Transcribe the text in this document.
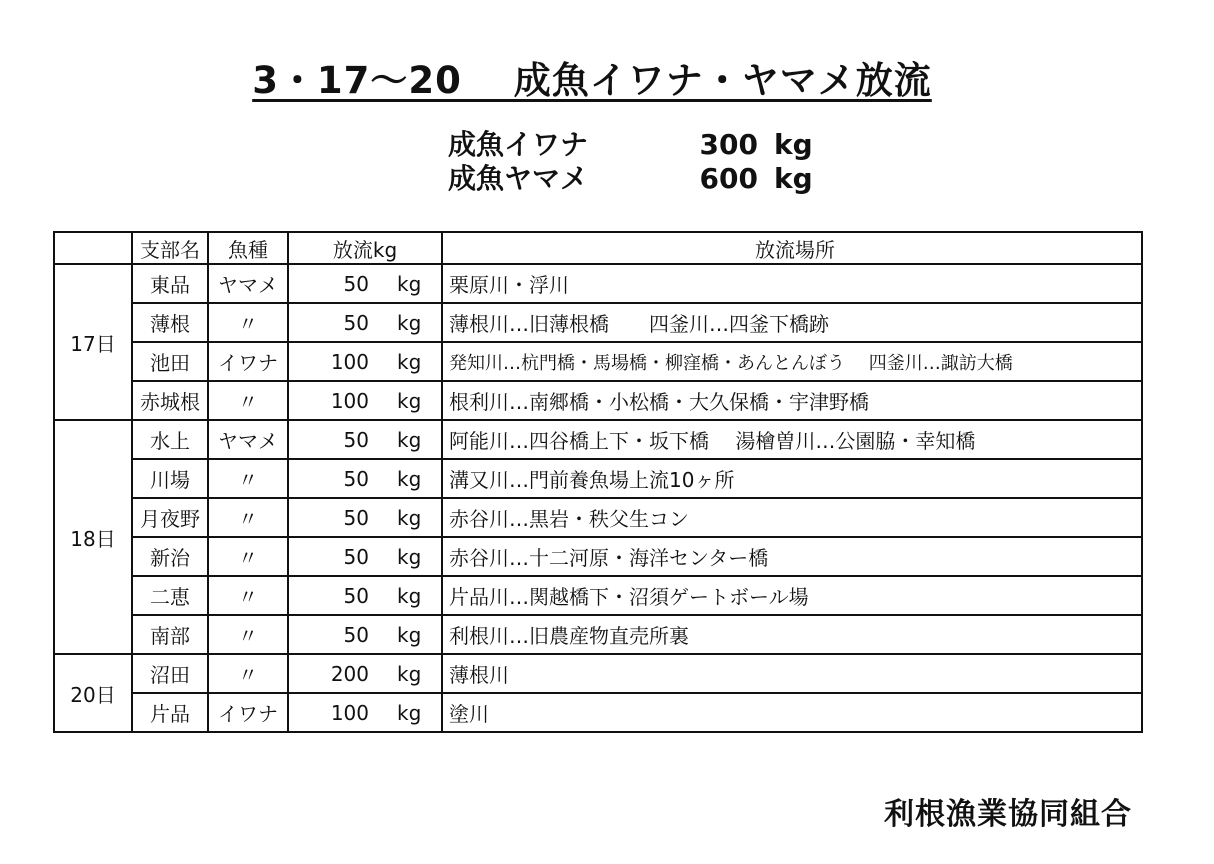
3・17～20　 成魚イワナ・ヤマメ放流
成魚イワナ	300 kg
成魚ヤマメ	600 kg
	支部名	魚種	放流kg	放流場所
17日	東品	ヤマメ	50 kg	栗原川・浮川
	薄根	〃	50 kg	薄根川…旧薄根橋　　四釜川…四釜下橋跡
	池田	イワナ	100 kg	発知川…杭門橋・馬場橋・柳窪橋・あんとんぼう　 四釜川…諏訪大橋
	赤城根	〃	100 kg	根利川…南郷橋・小松橋・大久保橋・宇津野橋
18日	水上	ヤマメ	50 kg	阿能川…四谷橋上下・坂下橋　 湯檜曽川…公園脇・幸知橋
	川場	〃	50 kg	溝又川…門前養魚場上流10ヶ所
	月夜野	〃	50 kg	赤谷川…黒岩・秩父生コン
	新治	〃	50 kg	赤谷川…十二河原・海洋センター橋
	二恵	〃	50 kg	片品川…関越橋下・沼須ゲートボール場
	南部	〃	50 kg	利根川…旧農産物直売所裏
20日	沼田	〃	200 kg	薄根川
	片品	イワナ	100 kg	塗川
利根漁業協同組合
